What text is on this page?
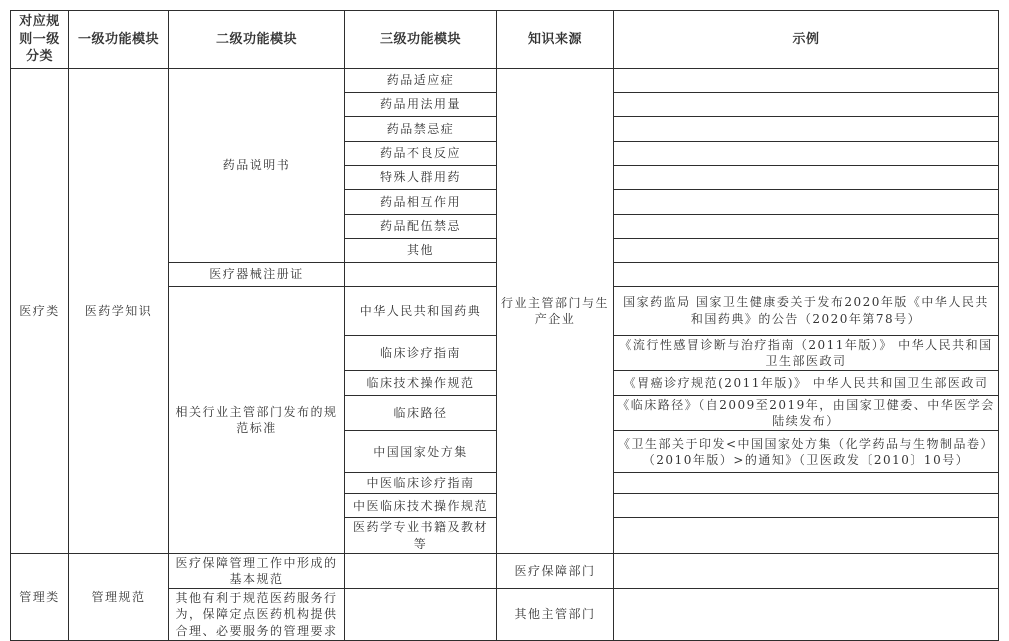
对应规则一级分类	一级功能模块	二级功能模块	三级功能模块	知识来源	示例
医疗类	医药学知识	药品说明书	药品适应症	行业主管部门与生产企业	
			药品用法用量		
			药品禁忌症		
			药品不良反应		
			特殊人群用药		
			药品相互作用		
			药品配伍禁忌		
			其他		
		医疗器械注册证			
		相关行业主管部门发布的规范标准	中华人民共和国药典		国家药监局 国家卫生健康委关于发布2020年版《中华人民共和国药典》的公告（2020年第78号）
			临床诊疗指南		《流行性感冒诊断与治疗指南（2011年版）》 中华人民共和国卫生部医政司
			临床技术操作规范		《胃癌诊疗规范(2011年版)》 中华人民共和国卫生部医政司
			临床路径		《临床路径》（自2009至2019年，由国家卫健委、中华医学会陆续发布）
			中国国家处方集		《卫生部关于印发<中国国家处方集（化学药品与生物制品卷）（2010年版）>的通知》（卫医政发〔2010〕10号）
			中医临床诊疗指南		
			中医临床技术操作规范		
			医药学专业书籍及教材等		
管理类	管理规范	医疗保障管理工作中形成的基本规范		医疗保障部门	
		其他有利于规范医药服务行为，保障定点医药机构提供合理、必要服务的管理要求		其他主管部门	
